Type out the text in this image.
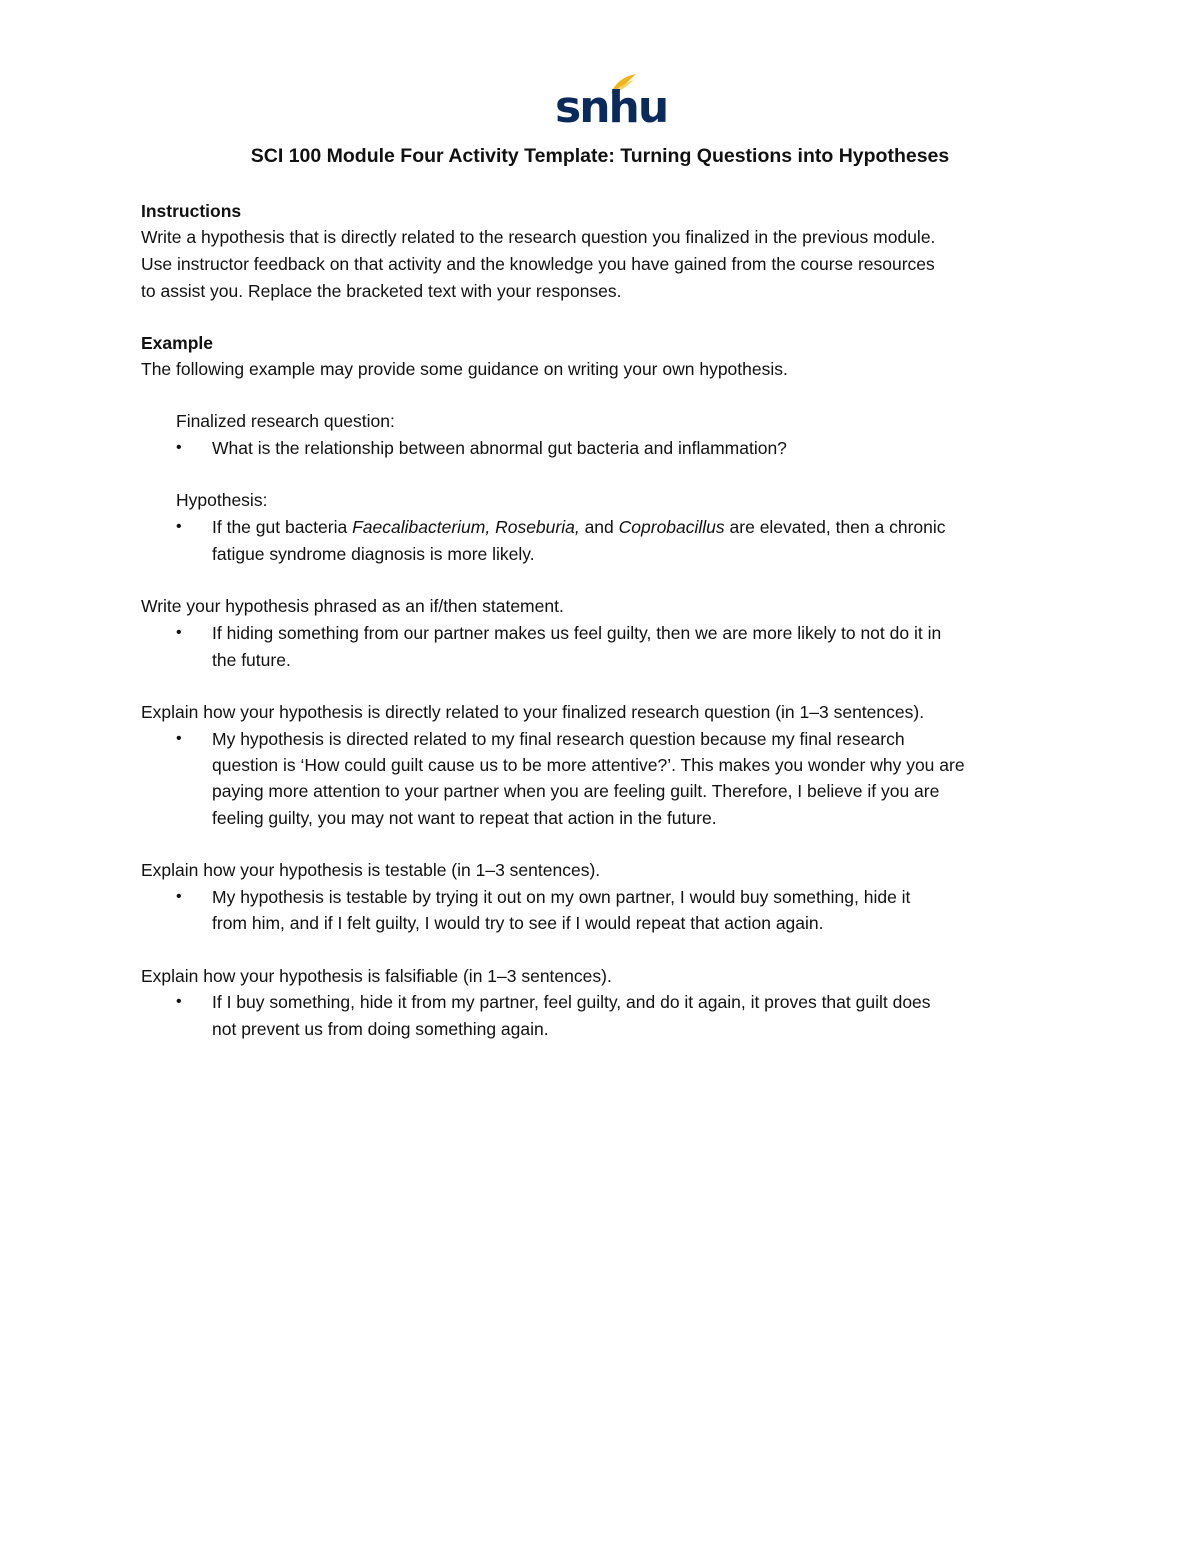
snhu
SCI 100 Module Four Activity Template: Turning Questions into Hypotheses
Instructions
Write a hypothesis that is directly related to the research question you finalized in the previous module.
Use instructor feedback on that activity and the knowledge you have gained from the course resources
to assist you. Replace the bracketed text with your responses.
Example
The following example may provide some guidance on writing your own hypothesis.
Finalized research question:
• What is the relationship between abnormal gut bacteria and inflammation?
Hypothesis:
• If the gut bacteria Faecalibacterium, Roseburia, and Coprobacillus are elevated, then a chronic
fatigue syndrome diagnosis is more likely.
Write your hypothesis phrased as an if/then statement.
• If hiding something from our partner makes us feel guilty, then we are more likely to not do it in
the future.
Explain how your hypothesis is directly related to your finalized research question (in 1–3 sentences).
• My hypothesis is directed related to my final research question because my final research
question is ‘How could guilt cause us to be more attentive?’. This makes you wonder why you are
paying more attention to your partner when you are feeling guilt. Therefore, I believe if you are
feeling guilty, you may not want to repeat that action in the future.
Explain how your hypothesis is testable (in 1–3 sentences).
• My hypothesis is testable by trying it out on my own partner, I would buy something, hide it
from him, and if I felt guilty, I would try to see if I would repeat that action again.
Explain how your hypothesis is falsifiable (in 1–3 sentences).
• If I buy something, hide it from my partner, feel guilty, and do it again, it proves that guilt does
not prevent us from doing something again.
